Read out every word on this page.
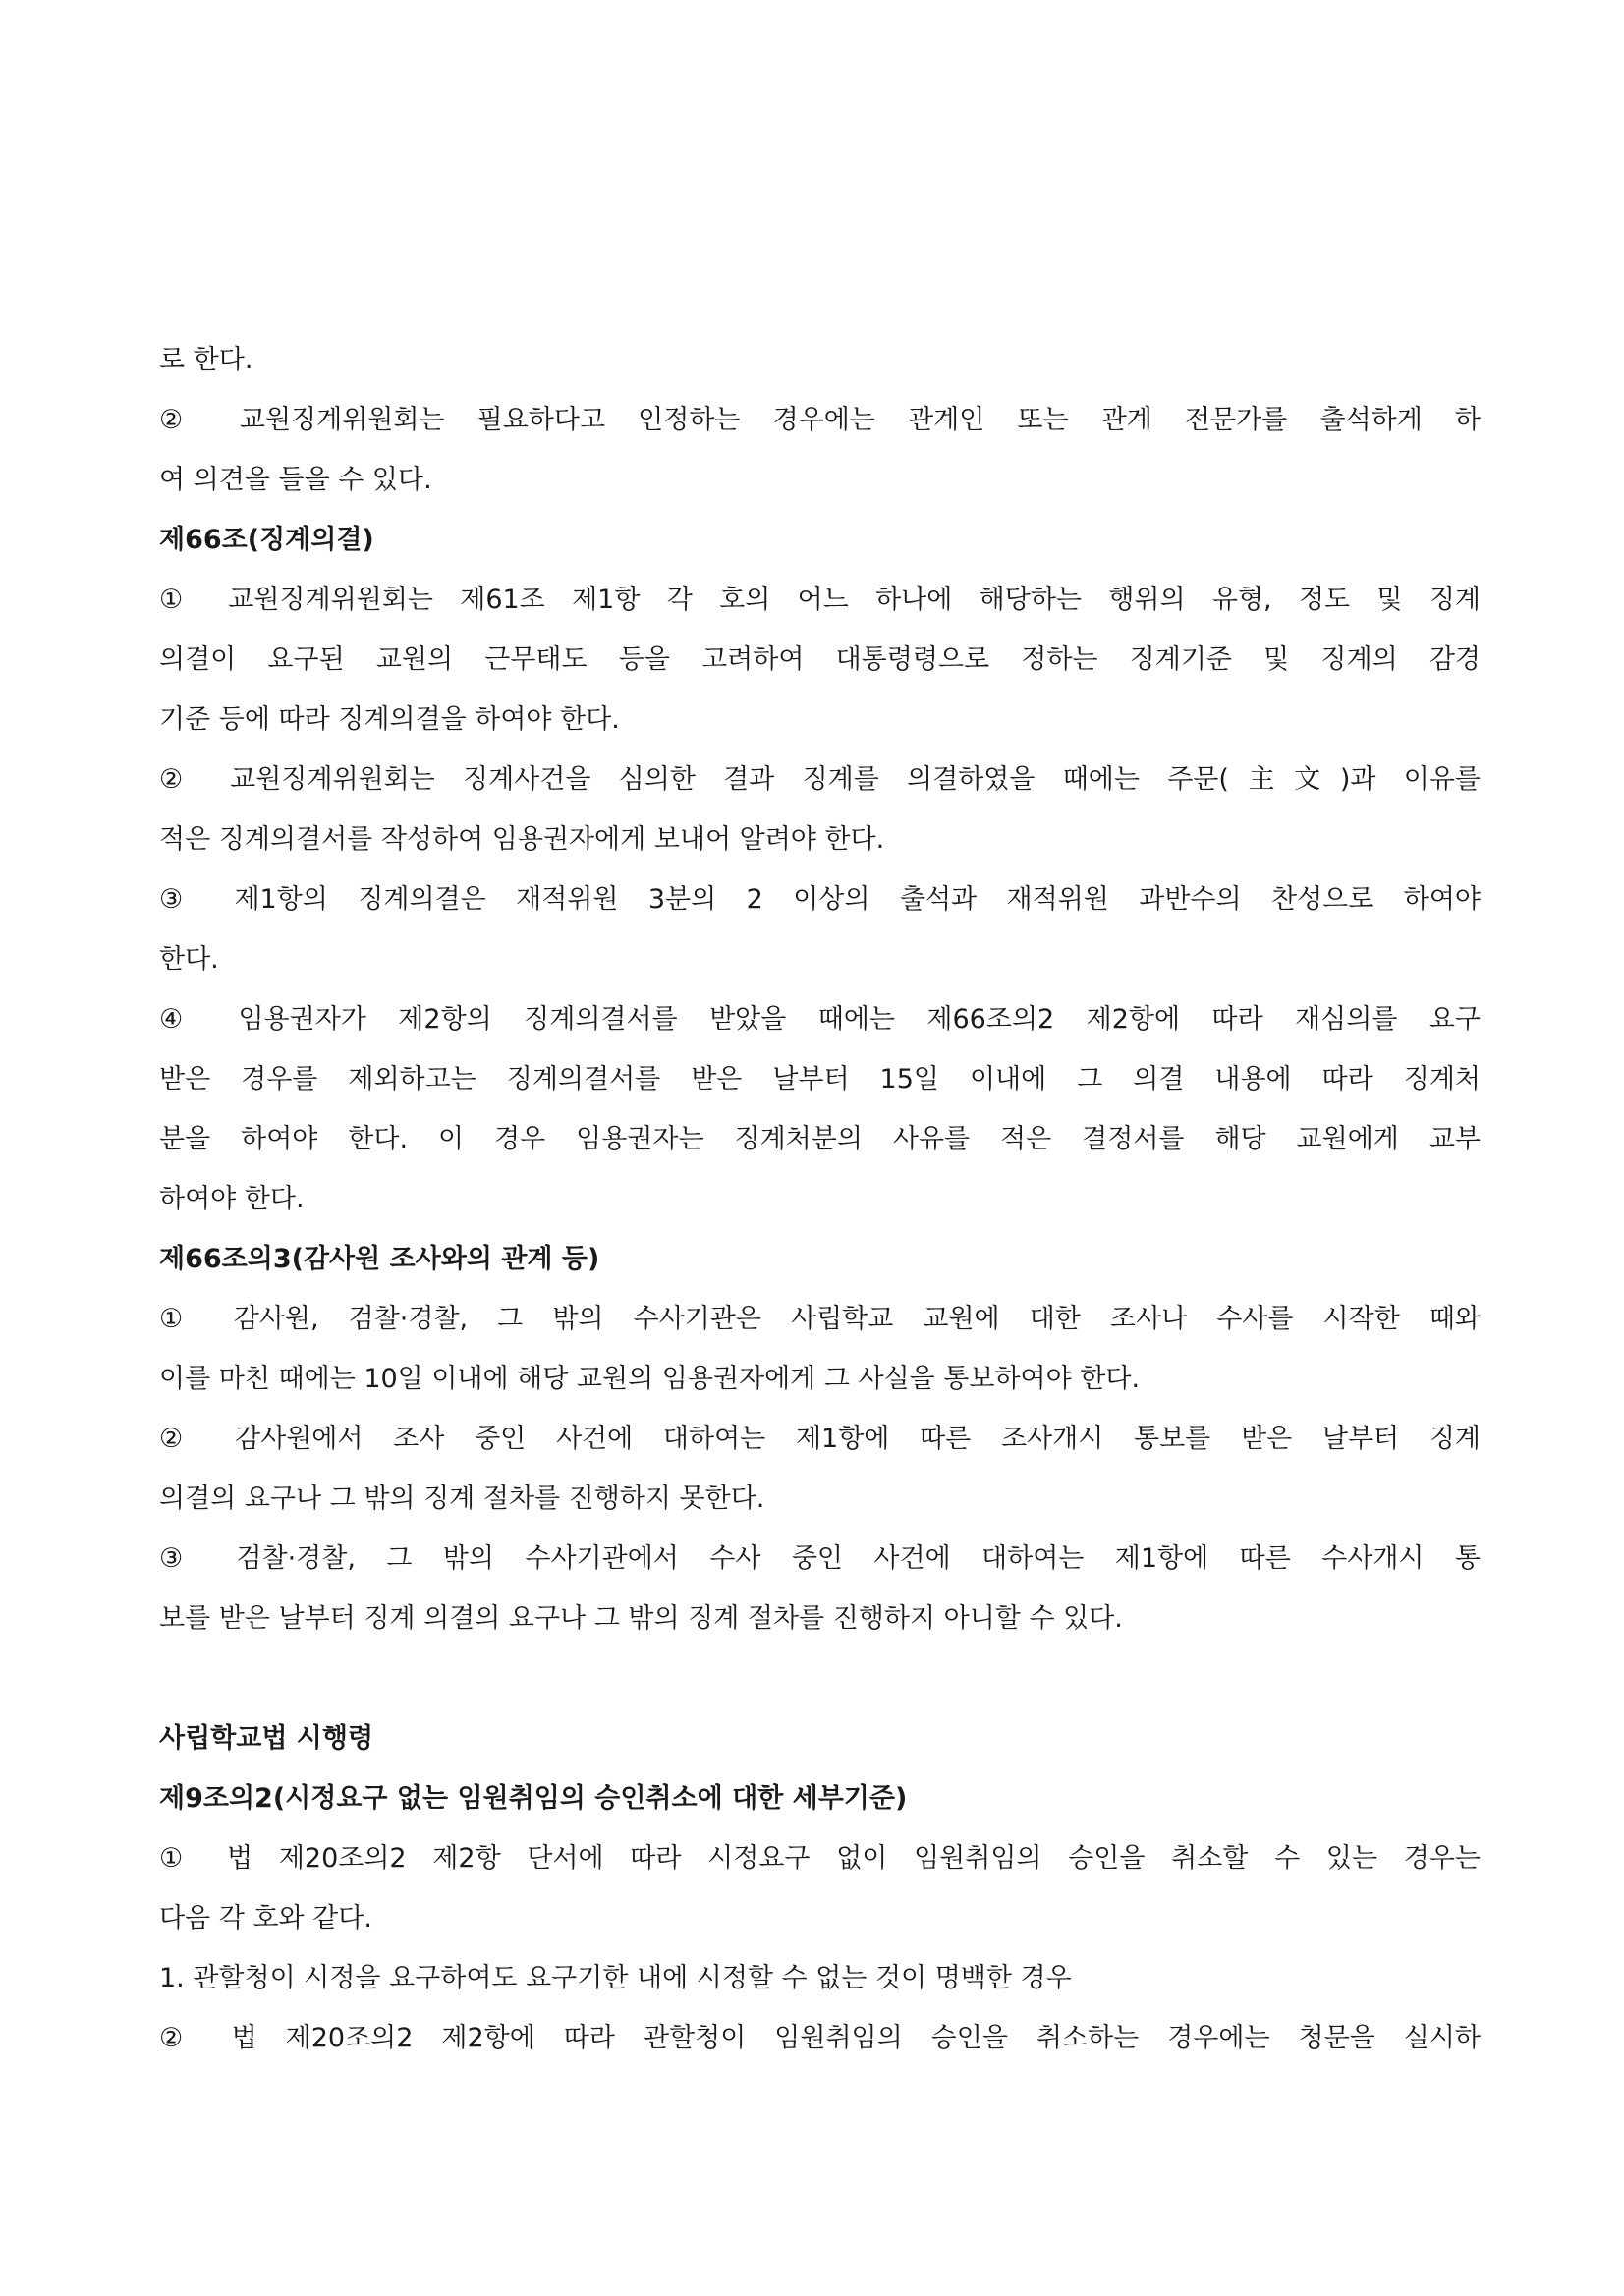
로 한다.
② 교원징계위원회는 필요하다고 인정하는 경우에는 관계인 또는 관계 전문가를 출석하게 하
여 의견을 들을 수 있다.
제66조(징계의결)
① 교원징계위원회는 제61조 제1항 각 호의 어느 하나에 해당하는 행위의 유형, 정도 및 징계
의결이 요구된 교원의 근무태도 등을 고려하여 대통령령으로 정하는 징계기준 및 징계의 감경
기준 등에 따라 징계의결을 하여야 한다.
② 교원징계위원회는 징계사건을 심의한 결과 징계를 의결하였을 때에는 주문(主文)과 이유를
적은 징계의결서를 작성하여 임용권자에게 보내어 알려야 한다.
③ 제1항의 징계의결은 재적위원 3분의 2 이상의 출석과 재적위원 과반수의 찬성으로 하여야
한다.
④ 임용권자가 제2항의 징계의결서를 받았을 때에는 제66조의2 제2항에 따라 재심의를 요구
받은 경우를 제외하고는 징계의결서를 받은 날부터 15일 이내에 그 의결 내용에 따라 징계처
분을 하여야 한다. 이 경우 임용권자는 징계처분의 사유를 적은 결정서를 해당 교원에게 교부
하여야 한다.
제66조의3(감사원 조사와의 관계 등)
① 감사원, 검찰·경찰, 그 밖의 수사기관은 사립학교 교원에 대한 조사나 수사를 시작한 때와
이를 마친 때에는 10일 이내에 해당 교원의 임용권자에게 그 사실을 통보하여야 한다.
② 감사원에서 조사 중인 사건에 대하여는 제1항에 따른 조사개시 통보를 받은 날부터 징계
의결의 요구나 그 밖의 징계 절차를 진행하지 못한다.
③ 검찰·경찰, 그 밖의 수사기관에서 수사 중인 사건에 대하여는 제1항에 따른 수사개시 통
보를 받은 날부터 징계 의결의 요구나 그 밖의 징계 절차를 진행하지 아니할 수 있다.
사립학교법 시행령
제9조의2(시정요구 없는 임원취임의 승인취소에 대한 세부기준)
① 법 제20조의2 제2항 단서에 따라 시정요구 없이 임원취임의 승인을 취소할 수 있는 경우는
다음 각 호와 같다.
1. 관할청이 시정을 요구하여도 요구기한 내에 시정할 수 없는 것이 명백한 경우
② 법 제20조의2 제2항에 따라 관할청이 임원취임의 승인을 취소하는 경우에는 청문을 실시하
